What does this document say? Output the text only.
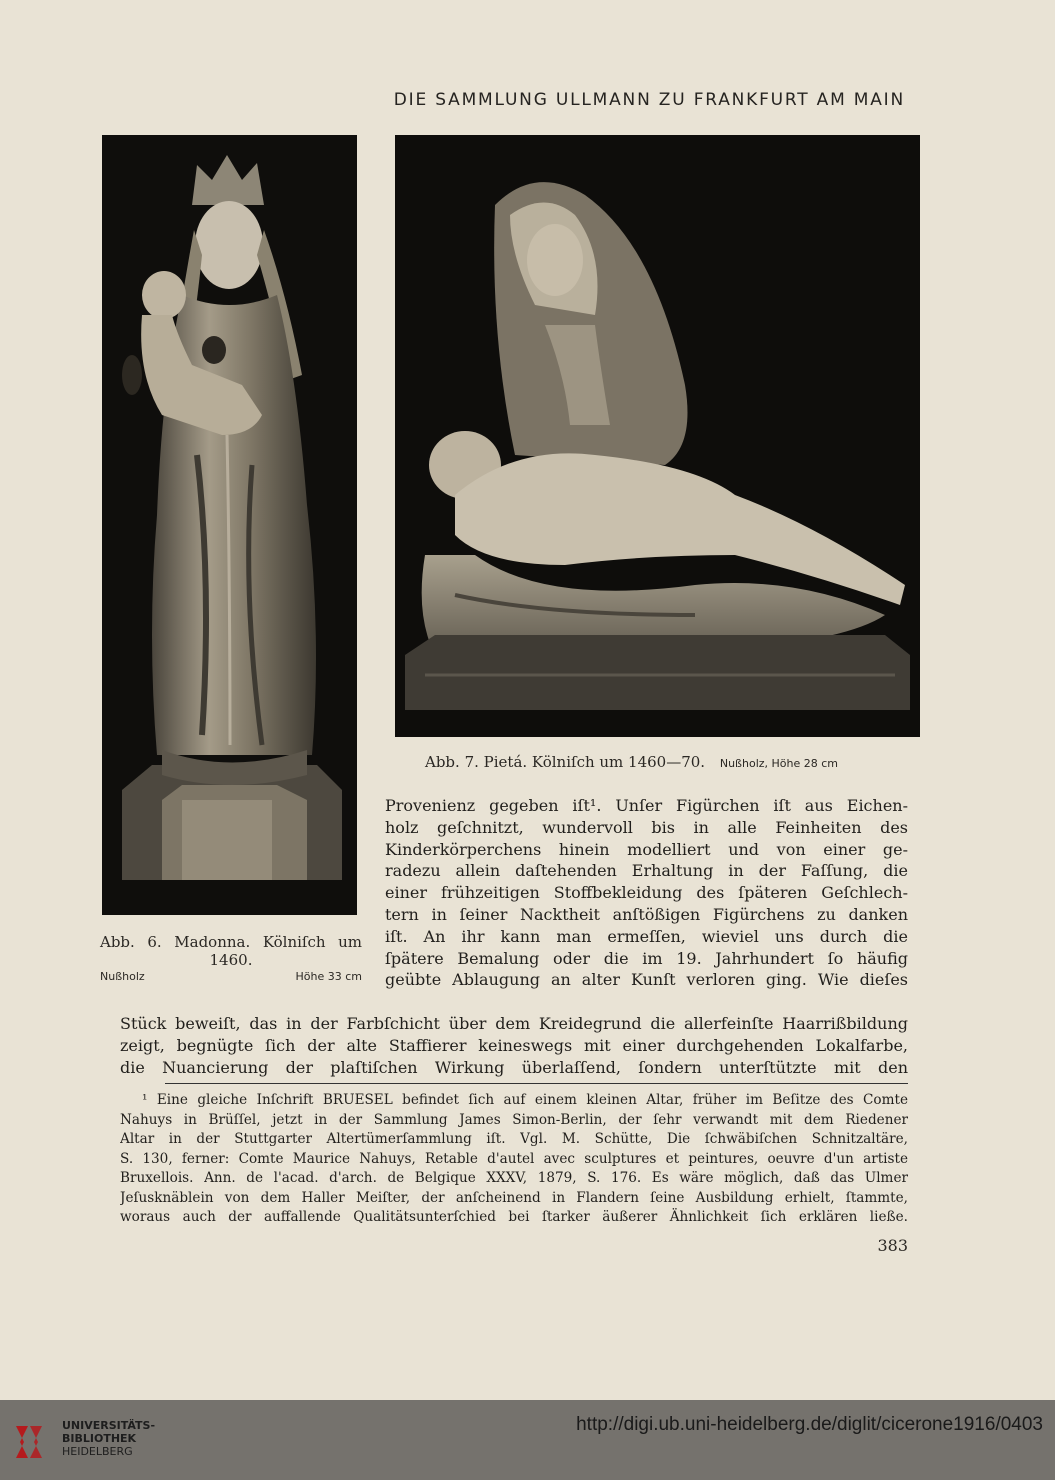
DIE SAMMLUNG ULLMANN ZU FRANKFURT AM MAIN
Abb. 7. Pietá. Kölniſch um 1460—70. Nußholz, Höhe 28 cm
Abb. 6. Madonna. Kölniſch um
1460.
Nußholz	Höhe 33 cm
Provenienz gegeben iſt¹. Unſer Figürchen iſt aus Eichen-
holz geſchnitzt, wundervoll bis in alle Feinheiten des
Kinderkörperchens hinein modelliert und von einer ge-
radezu allein daſtehenden Erhaltung in der Faſſung, die
einer frühzeitigen Stoffbekleidung des ſpäteren Geſchlech-
tern in ſeiner Nacktheit anſtößigen Figürchens zu danken
iſt. An ihr kann man ermeſſen, wieviel uns durch die
ſpätere Bemalung oder die im 19. Jahrhundert ſo häufig
geübte Ablaugung an alter Kunſt verloren ging. Wie dieſes
Stück beweiſt, das in der Farbſchicht über dem Kreidegrund die allerfeinſte Haarrißbildung
zeigt, begnügte ſich der alte Staffierer keineswegs mit einer durchgehenden Lokalfarbe,
die Nuancierung der plaſtiſchen Wirkung überlaſſend, ſondern unterſtützte mit den
¹ Eine gleiche Inſchrift BRUESEL befindet ſich auf einem kleinen Altar, früher im Beſitze des Comte
Nahuys in Brüſſel, jetzt in der Sammlung James Simon-Berlin, der ſehr verwandt mit dem Riedener
Altar in der Stuttgarter Altertümerſammlung iſt. Vgl. M. Schütte, Die ſchwäbiſchen Schnitzaltäre,
S. 130, ferner: Comte Maurice Nahuys, Retable d'autel avec sculptures et peintures, oeuvre d'un artiste
Bruxellois. Ann. de l'acad. d'arch. de Belgique XXXV, 1879, S. 176. Es wäre möglich, daß das Ulmer
Jeſusknäblein von dem Haller Meiſter, der anſcheinend in Flandern ſeine Ausbildung erhielt, ſtammte,
woraus auch der auffallende Qualitätsunterſchied bei ſtarker äußerer Ähnlichkeit ſich erklären ließe.
383
UNIVERSITÄTS-
BIBLIOTHEK
HEIDELBERG
http://digi.ub.uni-heidelberg.de/diglit/cicerone1916/0403
